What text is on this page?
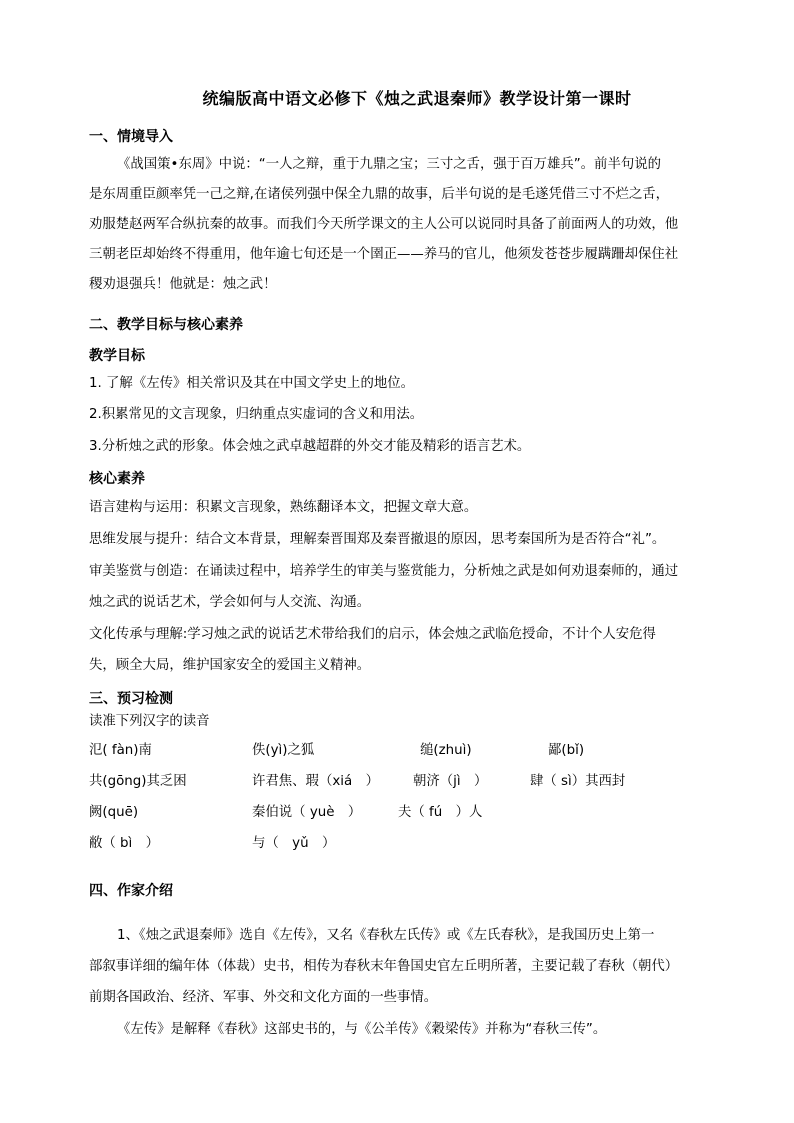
统编版高中语文必修下《烛之武退秦师》教学设计第一课时
一、情境导入
《战国策•东周》中说：“一人之辩，重于九鼎之宝；三寸之舌，强于百万雄兵”。前半句说的
是东周重臣颜率凭一己之辩,在诸侯列强中保全九鼎的故事，后半句说的是毛遂凭借三寸不烂之舌，
劝服楚赵两军合纵抗秦的故事。而我们今天所学课文的主人公可以说同时具备了前面两人的功效，他
三朝老臣却始终不得重用，他年逾七旬还是一个圉正——养马的官儿，他须发苍苍步履蹒跚却保住社
稷劝退强兵！他就是：烛之武！
二、教学目标与核心素养
教学目标
1. 了解《左传》相关常识及其在中国文学史上的地位。
2.积累常见的文言现象，归纳重点实虚词的含义和用法。
3.分析烛之武的形象。体会烛之武卓越超群的外交才能及精彩的语言艺术。
核心素养
语言建构与运用：积累文言现象，熟练翻译本文，把握文章大意。
思维发展与提升：结合文本背景，理解秦晋围郑及秦晋撤退的原因，思考秦国所为是否符合“礼”。
审美鉴赏与创造：在诵读过程中，培养学生的审美与鉴赏能力，分析烛之武是如何劝退秦师的，通过
烛之武的说话艺术，学会如何与人交流、沟通。
文化传承与理解:学习烛之武的说话艺术带给我们的启示，体会烛之武临危授命，不计个人安危得
失，顾全大局，维护国家安全的爱国主义精神。
三、预习检测
读准下列汉字的读音
氾( fàn)南	佚(yì)之狐	缒(zhuì)	鄙(bǐ)
共(gōng)其乏困	许君焦、瑕（xiá　）	朝济（jì　）	肆（ sì）其西封
阙(quē)	秦伯说（ yuè　）	夫（ fú　）人
敝（ bì　）	与（　yǔ　）
四、作家介绍
1、《烛之武退秦师》选自《左传》，又名《春秋左氏传》或《左氏春秋》，是我国历史上第一
部叙事详细的编年体（体裁）史书，相传为春秋末年鲁国史官左丘明所著，主要记载了春秋（朝代）
前期各国政治、经济、军事、外交和文化方面的一些事情。
《左传》是解释《春秋》这部史书的，与《公羊传》《穀梁传》并称为“春秋三传”。
